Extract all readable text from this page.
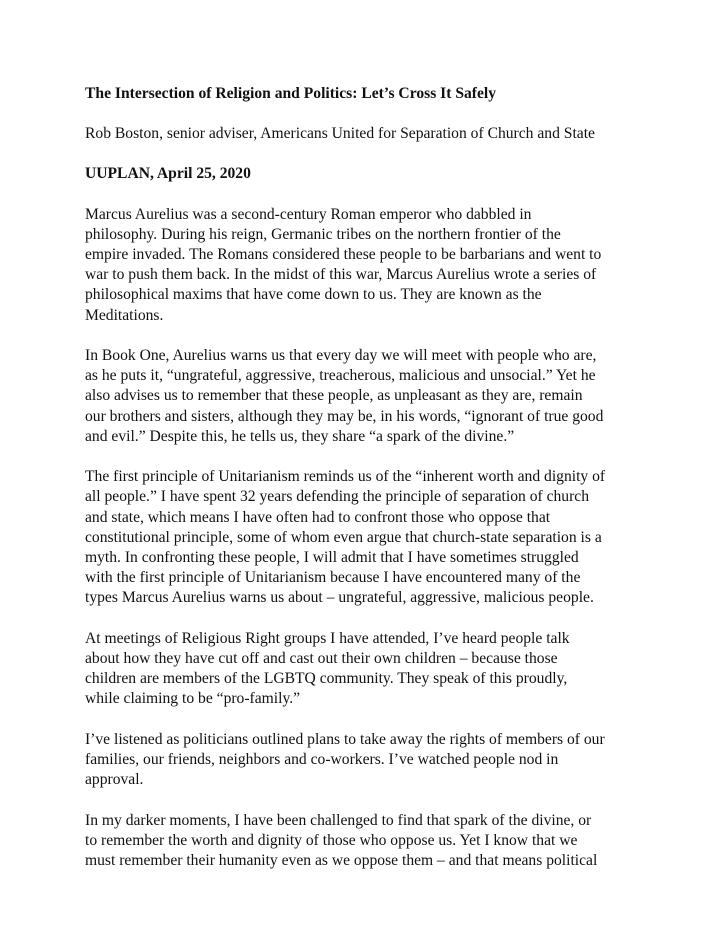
The Intersection of Religion and Politics: Let’s Cross It Safely
Rob Boston, senior adviser, Americans United for Separation of Church and State
UUPLAN, April 25, 2020
Marcus Aurelius was a second-century Roman emperor who dabbled in
philosophy. During his reign, Germanic tribes on the northern frontier of the
empire invaded. The Romans considered these people to be barbarians and went to
war to push them back. In the midst of this war, Marcus Aurelius wrote a series of
philosophical maxims that have come down to us. They are known as the
Meditations.
In Book One, Aurelius warns us that every day we will meet with people who are,
as he puts it, “ungrateful, aggressive, treacherous, malicious and unsocial.” Yet he
also advises us to remember that these people, as unpleasant as they are, remain
our brothers and sisters, although they may be, in his words, “ignorant of true good
and evil.” Despite this, he tells us, they share “a spark of the divine.”
The first principle of Unitarianism reminds us of the “inherent worth and dignity of
all people.” I have spent 32 years defending the principle of separation of church
and state, which means I have often had to confront those who oppose that
constitutional principle, some of whom even argue that church-state separation is a
myth. In confronting these people, I will admit that I have sometimes struggled
with the first principle of Unitarianism because I have encountered many of the
types Marcus Aurelius warns us about – ungrateful, aggressive, malicious people.
At meetings of Religious Right groups I have attended, I’ve heard people talk
about how they have cut off and cast out their own children – because those
children are members of the LGBTQ community. They speak of this proudly,
while claiming to be “pro-family.”
I’ve listened as politicians outlined plans to take away the rights of members of our
families, our friends, neighbors and co-workers. I’ve watched people nod in
approval.
In my darker moments, I have been challenged to find that spark of the divine, or
to remember the worth and dignity of those who oppose us. Yet I know that we
must remember their humanity even as we oppose them – and that means political
